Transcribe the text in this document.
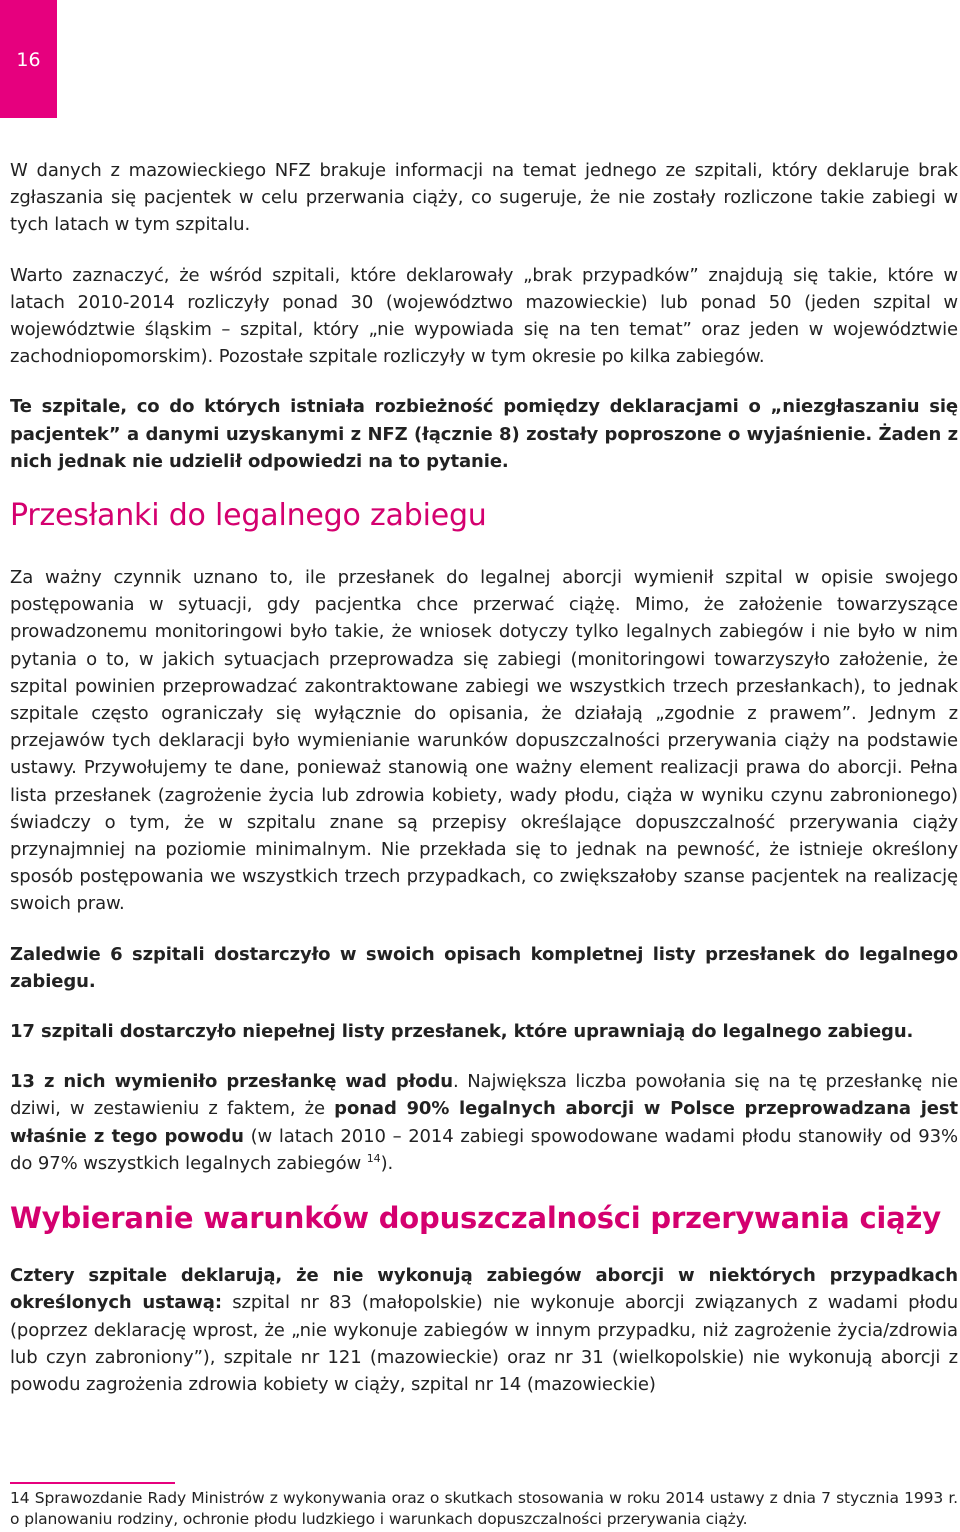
16

W danych z mazowieckiego NFZ brakuje informacji na temat jednego ze szpitali, który deklaruje brak zgłaszania się pacjentek w celu przerwania ciąży, co sugeruje, że nie zostały rozliczone takie zabiegi w tych latach w tym szpitalu.

Warto zaznaczyć, że wśród szpitali, które deklarowały „brak przypadków” znajdują się takie, które w latach 2010-2014 rozliczyły ponad 30 (województwo mazowieckie) lub ponad 50 (jeden szpital w województwie śląskim – szpital, który „nie wypowiada się na ten temat” oraz jeden w województwie zachodniopomorskim). Pozostałe szpitale rozliczyły w tym okresie po kilka zabiegów.

Te szpitale, co do których istniała rozbieżność pomiędzy deklaracjami o „niezgłaszaniu się pacjentek” a danymi uzyskanymi z NFZ (łącznie 8) zostały poproszone o wyjaśnienie. Żaden z nich jednak nie udzielił odpowiedzi na to pytanie.

Przesłanki do legalnego zabiegu

Za ważny czynnik uznano to, ile przesłanek do legalnej aborcji wymienił szpital w opisie swojego postępowania w sytuacji, gdy pacjentka chce przerwać ciążę. Mimo, że założenie towarzyszące prowadzonemu monitoringowi było takie, że wniosek dotyczy tylko legalnych zabiegów i nie było w nim pytania o to, w jakich sytuacjach przeprowadza się zabiegi (monitoringowi towarzyszyło założenie, że szpital powinien przeprowadzać zakontraktowane zabiegi we wszystkich trzech przesłankach), to jednak szpitale często ograniczały się wyłącznie do opisania, że działają „zgodnie z prawem”. Jednym z przejawów tych deklaracji było wymienianie warunków dopuszczalności przerywania ciąży na podstawie ustawy. Przywołujemy te dane, ponieważ stanowią one ważny element realizacji prawa do aborcji. Pełna lista przesłanek (zagrożenie życia lub zdrowia kobiety, wady płodu, ciąża w wyniku czynu zabronionego) świadczy o tym, że w szpitalu znane są przepisy określające dopuszczalność przerywania ciąży przynajmniej na poziomie minimalnym. Nie przekłada się to jednak na pewność, że istnieje określony sposób postępowania we wszystkich trzech przypadkach, co zwiększałoby szanse pacjentek na realizację swoich praw.

Zaledwie 6 szpitali dostarczyło w swoich opisach kompletnej listy przesłanek do legalnego zabiegu.

17 szpitali dostarczyło niepełnej listy przesłanek, które uprawniają do legalnego zabiegu.

13 z nich wymieniło przesłankę wad płodu. Największa liczba powołania się na tę przesłankę nie dziwi, w zestawieniu z faktem, że ponad 90% legalnych aborcji w Polsce przeprowadzana jest właśnie z tego powodu (w latach 2010 – 2014 zabiegi spowodowane wadami płodu stanowiły od 93% do 97% wszystkich legalnych zabiegów $^{14}$).

Wybieranie warunków dopuszczalności przerywania ciąży

Cztery szpitale deklarują, że nie wykonują zabiegów aborcji w niektórych przypadkach określonych ustawą: szpital nr 83 (małopolskie) nie wykonuje aborcji związanych z wadami płodu (poprzez deklarację wprost, że „nie wykonuje zabiegów w innym przypadku, niż zagrożenie życia/zdrowia lub czyn zabroniony”), szpitale nr 121 (mazowieckie) oraz nr 31 (wielkopolskie) nie wykonują aborcji z powodu zagrożenia zdrowia kobiety w ciąży, szpital nr 14 (mazowieckie)

14 Sprawozdanie Rady Ministrów z wykonywania oraz o skutkach stosowania w roku 2014 ustawy z dnia 7 stycznia 1993 r. o planowaniu rodziny, ochronie płodu ludzkiego i warunkach dopuszczalności przerywania ciąży.
